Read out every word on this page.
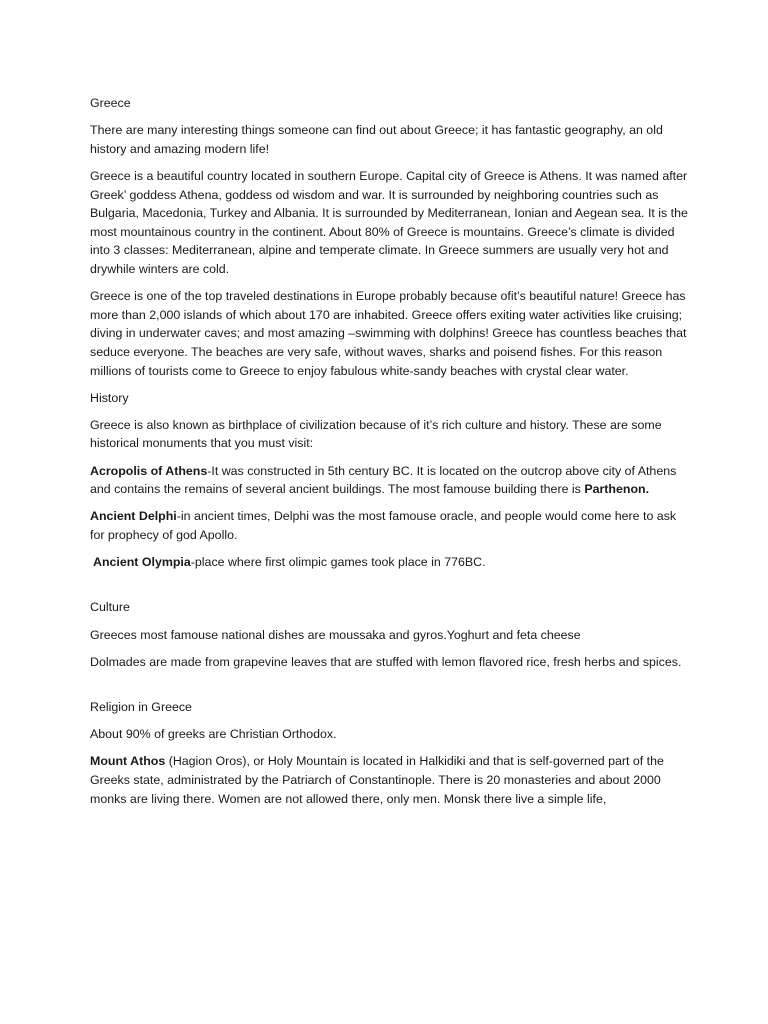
Greece

There are many interesting things someone can find out about Greece; it has fantastic geography, an old history and amazing modern life!

Greece is a beautiful country located in southern Europe. Capital city of Greece is Athens. It was named after Greek’ goddess Athena, goddess od wisdom and war. It is surrounded by neighboring countries such as Bulgaria, Macedonia, Turkey and Albania. It is surrounded by Mediterranean, Ionian and Aegean sea. It is the most mountainous country in the continent. About 80% of Greece is mountains. Greece’s climate is divided into 3 classes: Mediterranean, alpine and temperate climate. In Greece summers are usually very hot and drywhile winters are cold.

Greece is one of the top traveled destinations in Europe probably because ofit’s beautiful nature! Greece has more than 2,000 islands of which about 170 are inhabited. Greece offers exiting water activities like cruising; diving in underwater caves; and most amazing –swimming with dolphins! Greece has countless beaches that seduce everyone. The beaches are very safe, without waves, sharks and poisend fishes. For this reason millions of tourists come to Greece to enjoy fabulous white-sandy beaches with crystal clear water.

History

Greece is also known as birthplace of civilization because of it’s rich culture and history. These are some historical monuments that you must visit:

Acropolis of Athens-It was constructed in 5th century BC. It is located on the outcrop above city of Athens and contains the remains of several ancient buildings. The most famouse building there is Parthenon.

Ancient Delphi-in ancient times, Delphi was the most famouse oracle, and people would come here to ask for prophecy of god Apollo.

Ancient Olympia-place where first olimpic games took place in 776BC.

Culture

Greeces most famouse national dishes are moussaka and gyros.Yoghurt and feta cheese

Dolmades are made from grapevine leaves that are stuffed with lemon flavored rice, fresh herbs and spices.

Religion in Greece

About 90% of greeks are Christian Orthodox.

Mount Athos (Hagion Oros), or Holy Mountain is located in Halkidiki and that is self-governed part of the Greeks state, administrated by the Patriarch of Constantinople. There is 20 monasteries and about 2000 monks are living there. Women are not allowed there, only men. Monsk there live a simple life,
